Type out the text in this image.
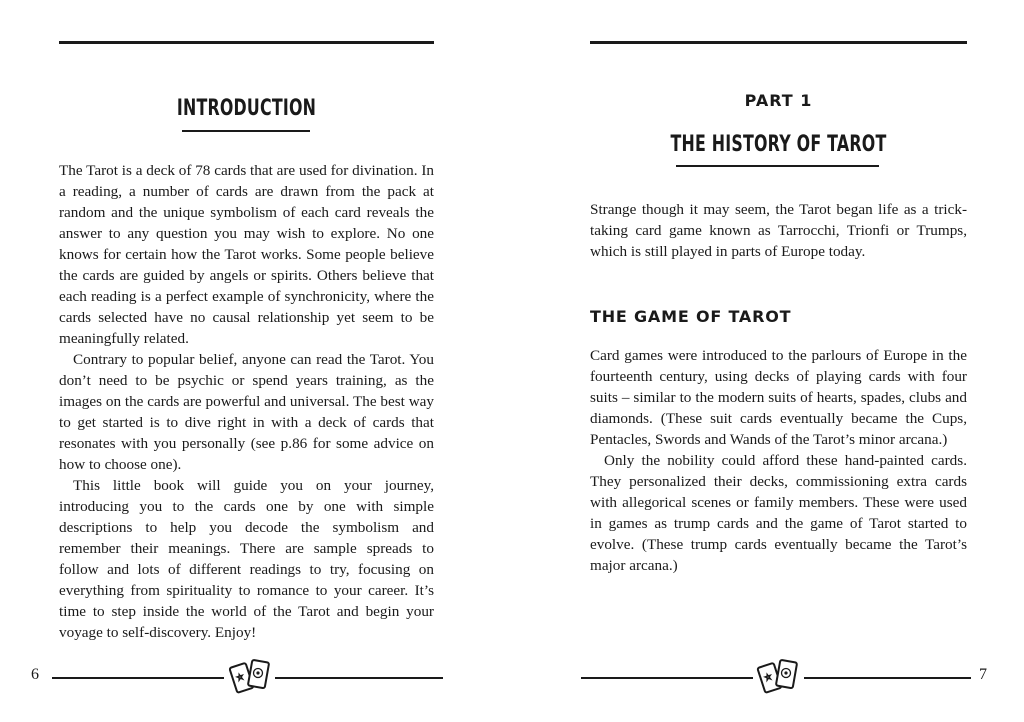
INTRODUCTION

The Tarot is a deck of 78 cards that are used for divination. In a reading, a number of cards are drawn from the pack at random and the unique symbolism of each card reveals the answer to any question you may wish to explore. No one knows for certain how the Tarot works. Some people believe the cards are guided by angels or spirits. Others believe that each reading is a perfect example of synchronicity, where the cards selected have no causal relationship yet seem to be meaningfully related.

Contrary to popular belief, anyone can read the Tarot. You don’t need to be psychic or spend years training, as the images on the cards are powerful and universal. The best way to get started is to dive right in with a deck of cards that resonates with you personally (see p.86 for some advice on how to choose one).

This little book will guide you on your journey, introducing you to the cards one by one with simple descriptions to help you decode the symbolism and remember their meanings. There are sample spreads to follow and lots of different readings to try, focusing on everything from spirituality to romance to your career. It’s time to step inside the world of the Tarot and begin your voyage to self-discovery. Enjoy!

6
PART 1
THE HISTORY OF TAROT

Strange though it may seem, the Tarot began life as a trick-taking card game known as Tarrocchi, Trionfi or Trumps, which is still played in parts of Europe today.

THE GAME OF TAROT

Card games were introduced to the parlours of Europe in the fourteenth century, using decks of playing cards with four suits – similar to the modern suits of hearts, spades, clubs and diamonds. (These suit cards eventually became the Cups, Pentacles, Swords and Wands of the Tarot’s minor arcana.)

Only the nobility could afford these hand-painted cards. They personalized their decks, commissioning extra cards with allegorical scenes or family members. These were used in games as trump cards and the game of Tarot started to evolve. (These trump cards eventually became the Tarot’s major arcana.)

7
